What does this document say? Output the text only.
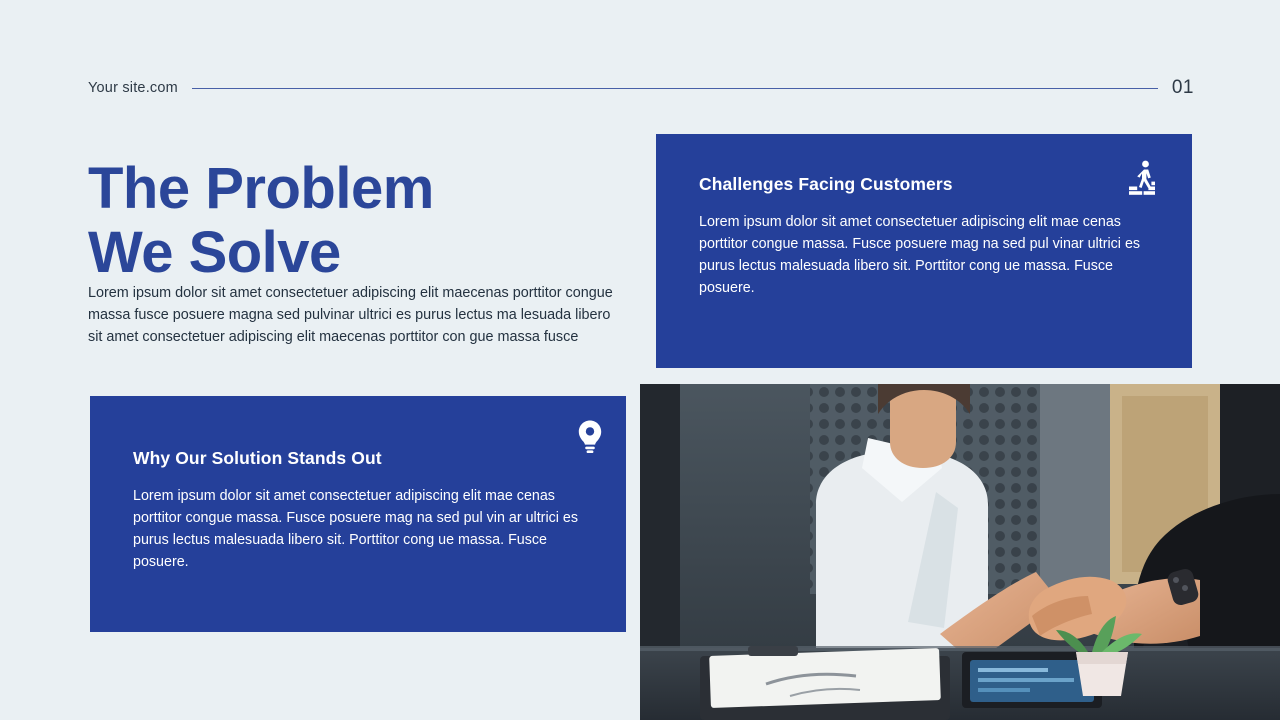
Your site.com	01
The Problem
We Solve

Lorem ipsum dolor sit amet consectetuer adipiscing elit maecenas porttitor congue massa fusce posuere magna sed pulvinar ultrici es purus lectus ma lesuada libero sit amet consectetuer adipiscing elit maecenas porttitor con gue massa fusce

Challenges Facing Customers

Lorem ipsum dolor sit amet consectetuer adipiscing elit mae cenas porttitor congue massa. Fusce posuere mag na sed pul vinar ultrici es purus lectus malesuada libero sit. Porttitor cong ue massa. Fusce posuere.

Why Our Solution Stands Out

Lorem ipsum dolor sit amet consectetuer adipiscing elit mae cenas porttitor congue massa. Fusce posuere mag na sed pul vin ar ultrici es purus lectus malesuada libero sit. Porttitor cong ue massa. Fusce posuere.
